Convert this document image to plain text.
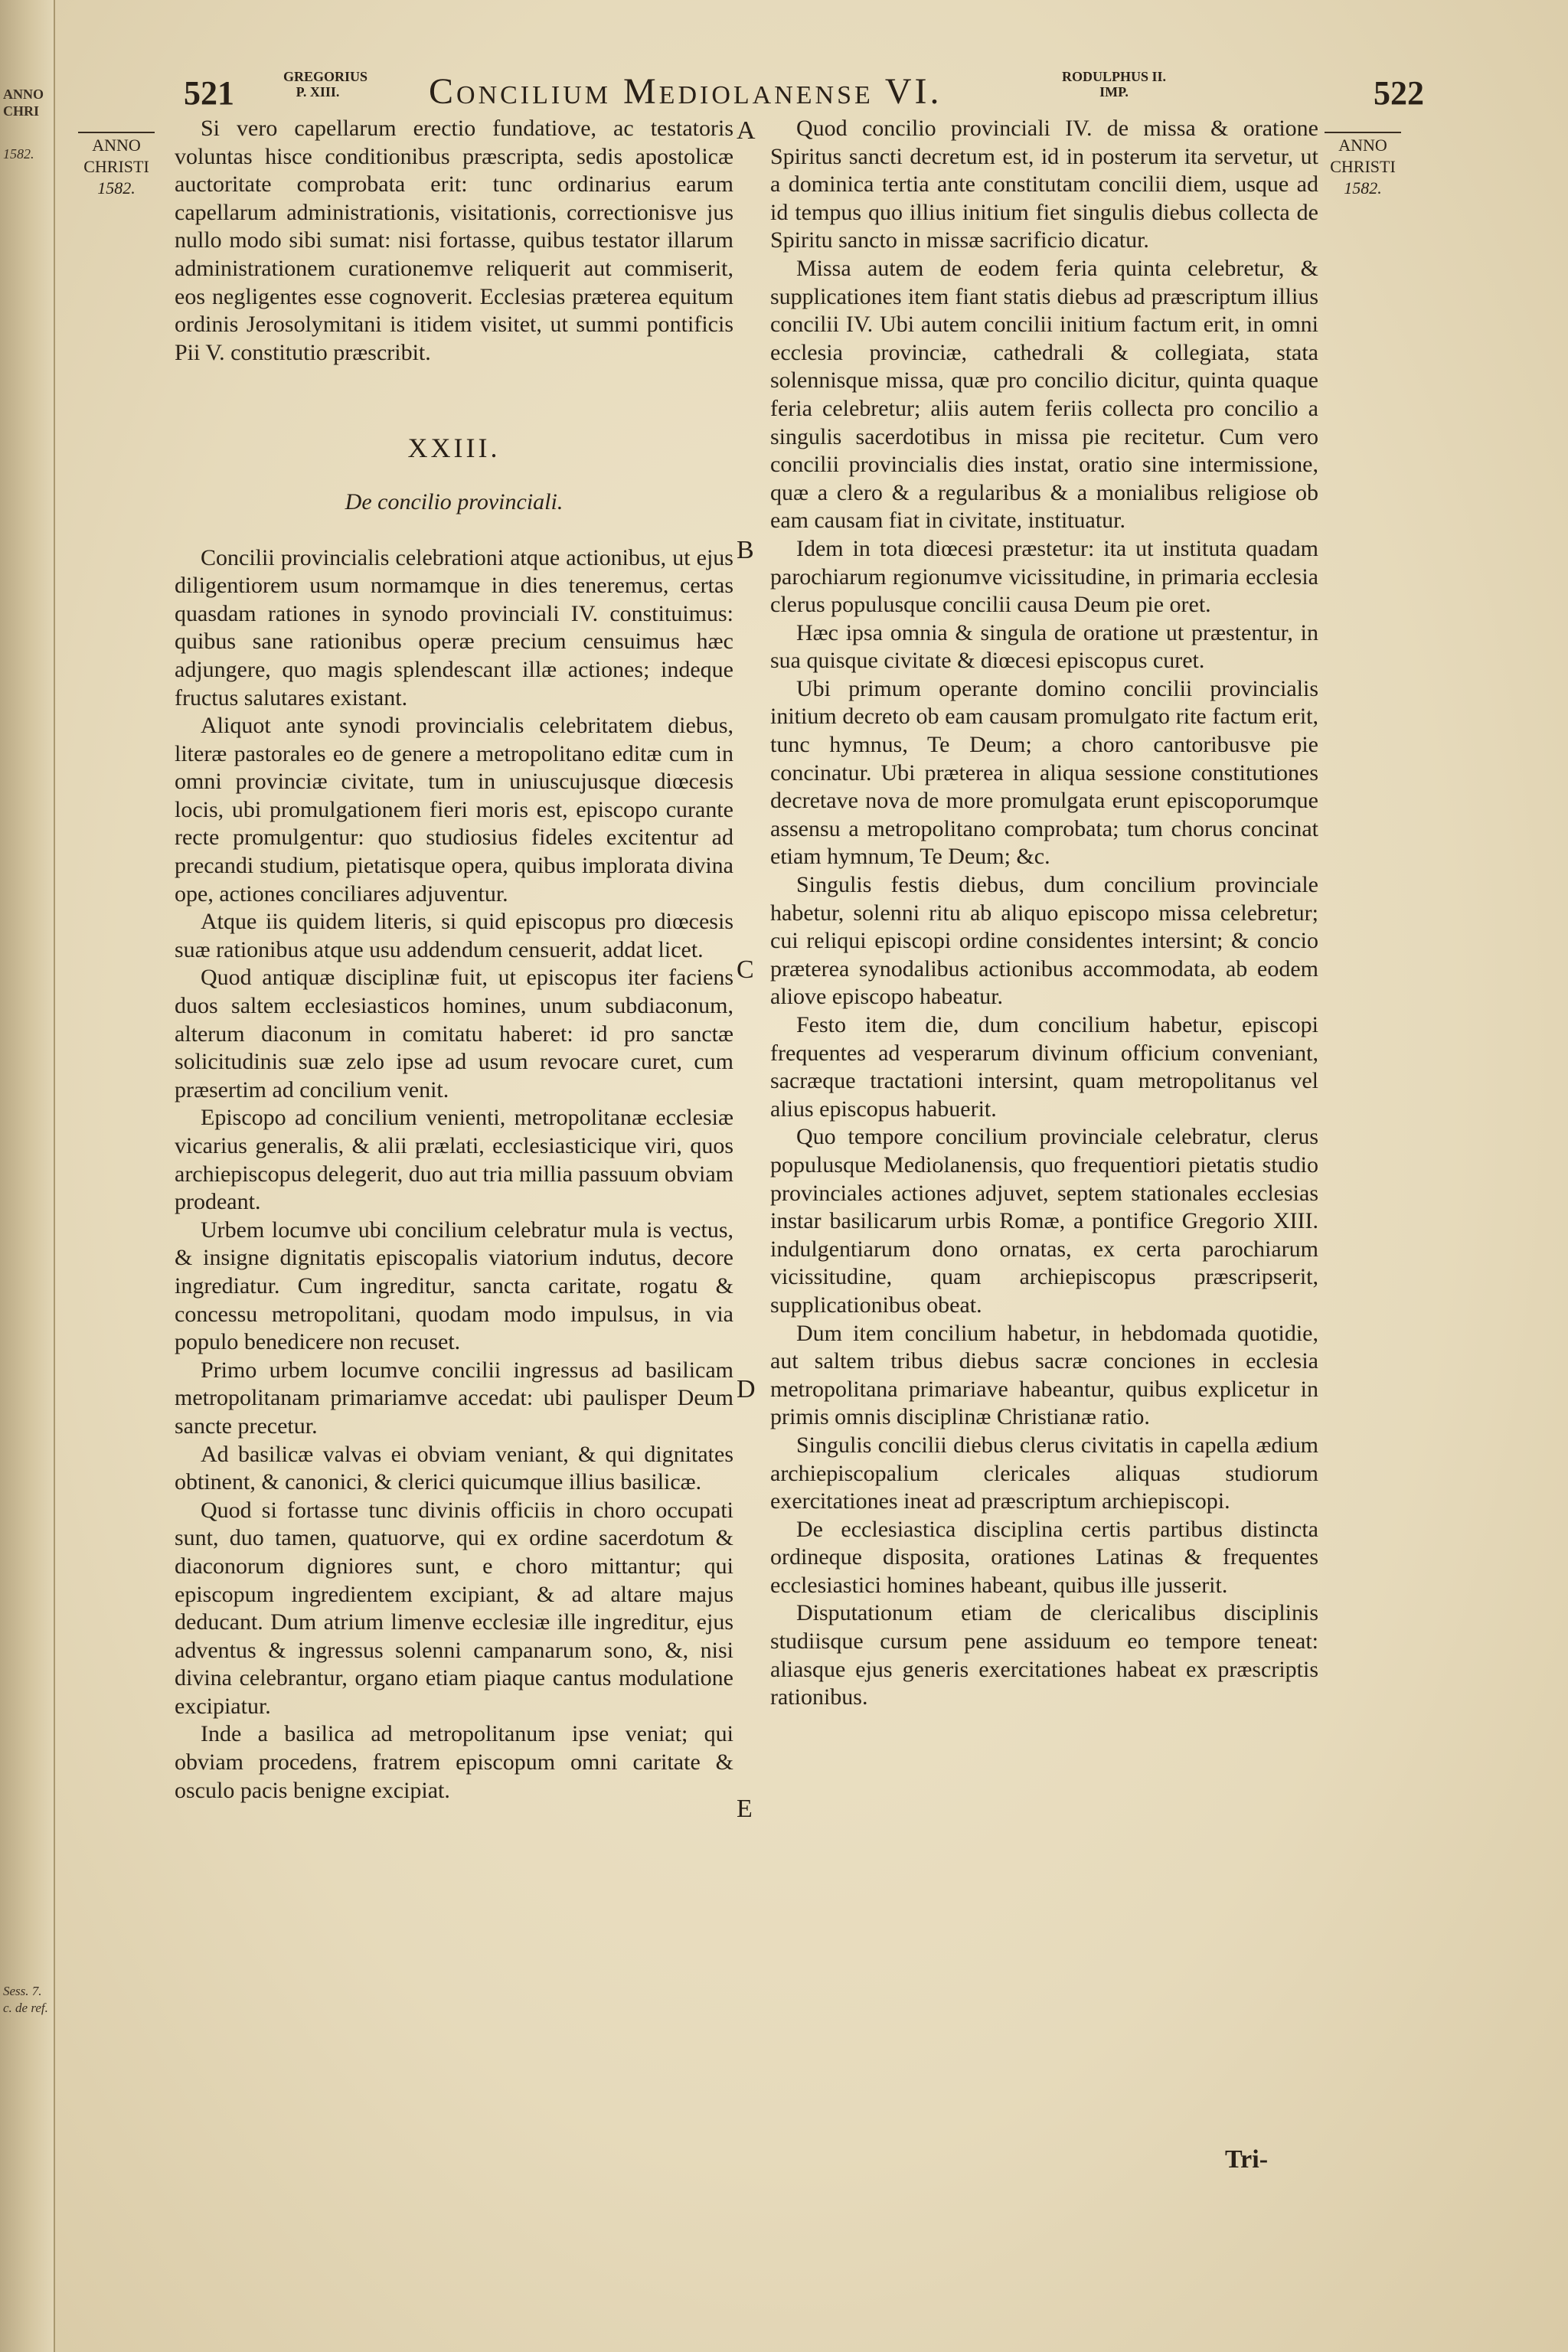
ANNO CHRI
1582.
Sess. 7. c. de ref.
521	GREGORIUS P. XIII.	Concilium Mediolanense VI.	RODULPHUS II. IMP.	522
ANNO
CHRISTI
1582.
ANNO
CHRISTI
1582.
A
B
C
D
E

Si vero capellarum erectio fundatiove, ac testatoris voluntas hisce conditionibus præscripta, sedis apostolicæ auctoritate comprobata erit: tunc ordinarius earum capellarum administrationis, visitationis, correctionisve jus nullo modo sibi sumat: nisi fortasse, quibus testator illarum administrationem curationemve reliquerit aut commiserit, eos negligentes esse cognoverit. Ecclesias præterea equitum ordinis Jerosolymitani is itidem visitet, ut summi pontificis Pii V. constitutio præscribit.

XXIII.
De concilio provinciali.

Concilii provincialis celebrationi atque actionibus, ut ejus diligentiorem usum normamque in dies teneremus, certas quasdam rationes in synodo provinciali IV. constituimus: quibus sane rationibus operæ precium censuimus hæc adjungere, quo magis splendescant illæ actiones; indeque fructus salutares existant.

Aliquot ante synodi provincialis celebritatem diebus, literæ pastorales eo de genere a metropolitano editæ cum in omni provinciæ civitate, tum in uniuscujusque diœcesis locis, ubi promulgationem fieri moris est, episcopo curante recte promulgentur: quo studiosius fideles excitentur ad precandi studium, pietatisque opera, quibus implorata divina ope, actiones conciliares adjuventur.

Atque iis quidem literis, si quid episcopus pro diœcesis suæ rationibus atque usu addendum censuerit, addat licet.

Quod antiquæ disciplinæ fuit, ut episcopus iter faciens duos saltem ecclesiasticos homines, unum subdiaconum, alterum diaconum in comitatu haberet: id pro sanctæ solicitudinis suæ zelo ipse ad usum revocare curet, cum præsertim ad concilium venit.

Episcopo ad concilium venienti, metropolitanæ ecclesiæ vicarius generalis, & alii prælati, ecclesiasticique viri, quos archiepiscopus delegerit, duo aut tria millia passuum obviam prodeant.

Urbem locumve ubi concilium celebratur mula is vectus, & insigne dignitatis episcopalis viatorium indutus, decore ingrediatur. Cum ingreditur, sancta caritate, rogatu & concessu metropolitani, quodam modo impulsus, in via populo benedicere non recuset.

Primo urbem locumve concilii ingressus ad basilicam metropolitanam primariamve accedat: ubi paulisper Deum sancte precetur.

Ad basilicæ valvas ei obviam veniant, & qui dignitates obtinent, & canonici, & clerici quicumque illius basilicæ.

Quod si fortasse tunc divinis officiis in choro occupati sunt, duo tamen, quatuorve, qui ex ordine sacerdotum & diaconorum digniores sunt, e choro mittantur; qui episcopum ingredientem excipiant, & ad altare majus deducant. Dum atrium limenve ecclesiæ ille ingreditur, ejus adventus & ingressus solenni campanarum sono, &, nisi divina celebrantur, organo etiam piaque cantus modulatione excipiatur.

Inde a basilica ad metropolitanum ipse veniat; qui obviam procedens, fratrem episcopum omni caritate & osculo pacis benigne excipiat.

Quod concilio provinciali IV. de missa & oratione Spiritus sancti decretum est, id in posterum ita servetur, ut a dominica tertia ante constitutam concilii diem, usque ad id tempus quo illius initium fiet singulis diebus collecta de Spiritu sancto in missæ sacrificio dicatur.

Missa autem de eodem feria quinta celebretur, & supplicationes item fiant statis diebus ad præscriptum illius concilii IV. Ubi autem concilii initium factum erit, in omni ecclesia provinciæ, cathedrali & collegiata, stata solennisque missa, quæ pro concilio dicitur, quinta quaque feria celebretur; aliis autem feriis collecta pro concilio a singulis sacerdotibus in missa pie recitetur. Cum vero concilii provincialis dies instat, oratio sine intermissione, quæ a clero & a regularibus & a monialibus religiose ob eam causam fiat in civitate, instituatur.

Idem in tota diœcesi præstetur: ita ut instituta quadam parochiarum regionumve vicissitudine, in primaria ecclesia clerus populusque concilii causa Deum pie oret.

Hæc ipsa omnia & singula de oratione ut præstentur, in sua quisque civitate & diœcesi episcopus curet.

Ubi primum operante domino concilii provincialis initium decreto ob eam causam promulgato rite factum erit, tunc hymnus, Te Deum; a choro cantoribusve pie concinatur. Ubi præterea in aliqua sessione constitutiones decretave nova de more promulgata erunt episcoporumque assensu a metropolitano comprobata; tum chorus concinat etiam hymnum, Te Deum; &c.

Singulis festis diebus, dum concilium provinciale habetur, solenni ritu ab aliquo episcopo missa celebretur; cui reliqui episcopi ordine considentes intersint; & concio præterea synodalibus actionibus accommodata, ab eodem aliove episcopo habeatur.

Festo item die, dum concilium habetur, episcopi frequentes ad vesperarum divinum officium conveniant, sacræque tractationi intersint, quam metropolitanus vel alius episcopus habuerit.

Quo tempore concilium provinciale celebratur, clerus populusque Mediolanensis, quo frequentiori pietatis studio provinciales actiones adjuvet, septem stationales ecclesias instar basilicarum urbis Romæ, a pontifice Gregorio XIII. indulgentiarum dono ornatas, ex certa parochiarum vicissitudine, quam archiepiscopus præscripserit, supplicationibus obeat.

Dum item concilium habetur, in hebdomada quotidie, aut saltem tribus diebus sacræ conciones in ecclesia metropolitana primariave habeantur, quibus explicetur in primis omnis disciplinæ Christianæ ratio.

Singulis concilii diebus clerus civitatis in capella ædium archiepiscopalium clericales aliquas studiorum exercitationes ineat ad præscriptum archiepiscopi.

De ecclesiastica disciplina certis partibus distincta ordineque disposita, orationes Latinas & frequentes ecclesiastici homines habeant, quibus ille jusserit.

Disputationum etiam de clericalibus disciplinis studiisque cursum pene assiduum eo tempore teneat: aliasque ejus generis exercitationes habeat ex præscriptis rationibus.

Tri-
